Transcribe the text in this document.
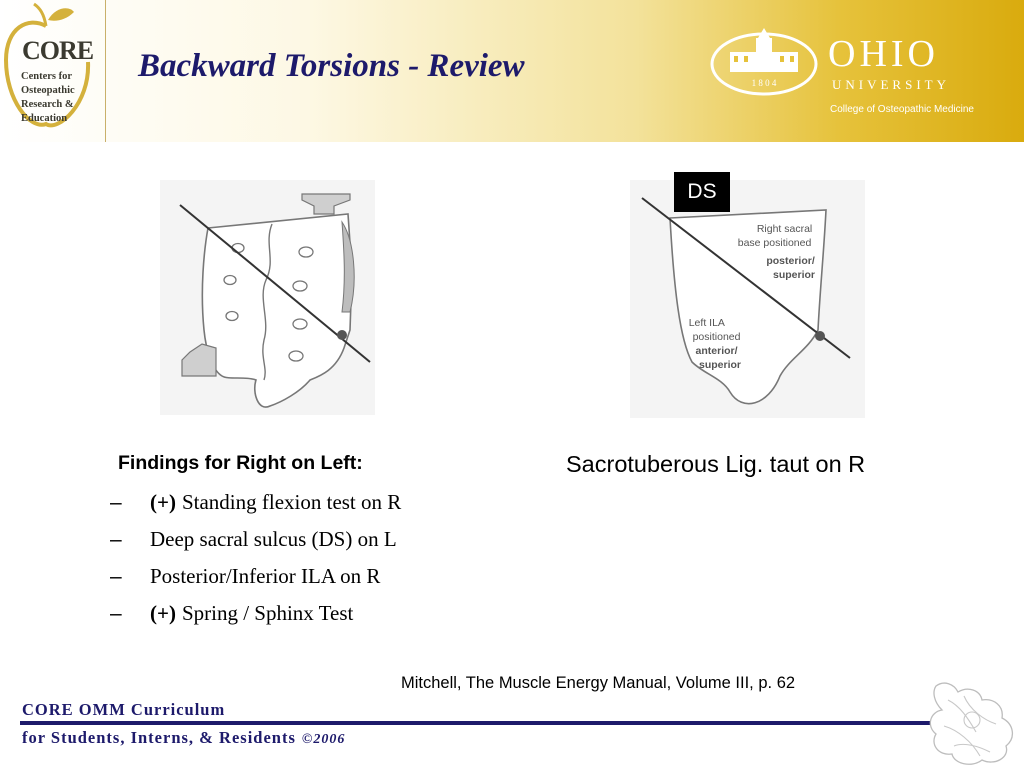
CORE
Centers for
Osteopathic
Research &
Education
Backward Torsions - Review	1 8 0 4
OHIO
UNIVERSITY
College of Osteopathic Medicine
Right sacral base positioned posterior/ superior
Left ILA positioned anterior/ superior
DS
Findings for Right on Left:
–	(+) Standing flexion test on R
–	Deep sacral sulcus (DS) on L
–	Posterior/Inferior ILA on R
–	(+) Spring / Sphinx Test
Sacrotuberous Lig. taut on R
Mitchell, The Muscle Energy Manual, Volume III, p. 62
CORE OMM Curriculum
for Students, Interns, & Residents ©2006
